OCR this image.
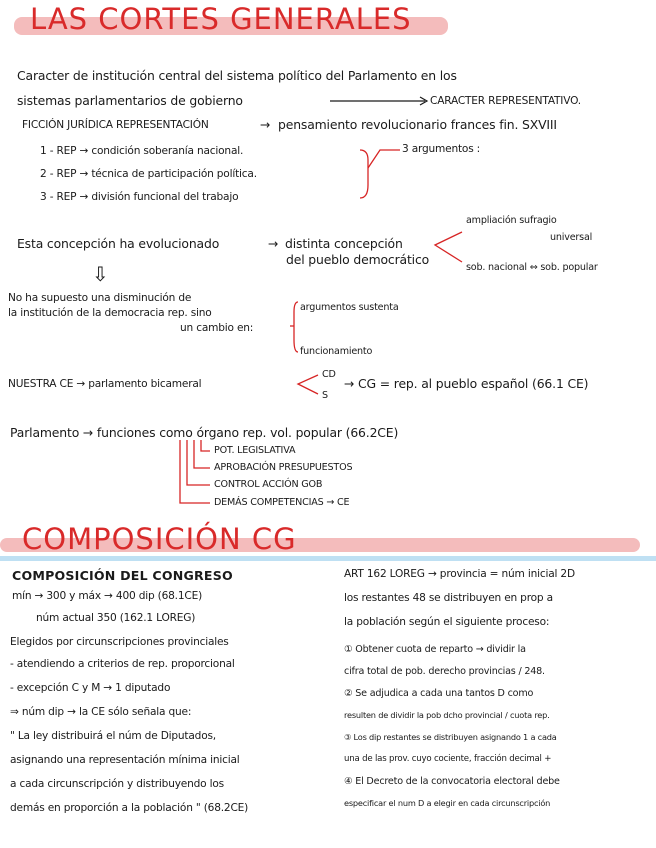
LAS CORTES GENERALES
Caracter de institución central del sistema político del Parlamento en los
sistemas parlamentarios de gobierno	CARACTER REPRESENTATIVO.
FICCIÓN JURÍDICA REPRESENTACIÓN	→ pensamiento revolucionario frances fin. SXVIII
1 - REP → condición soberanía nacional.
2 - REP → técnica de participación política.
3 - REP → división funcional del trabajo
3 argumentos :
Esta concepción ha evolucionado	→ distinta concepción
del pueblo democrático
ampliación sufragio
universal
sob. nacional ⇔ sob. popular
⇩
No ha supuesto una disminución de
la institución de la democracia rep. sino
un cambio en:
argumentos sustenta
funcionamiento
NUESTRA CE → parlamento bicameral
CD
S
→ CG = rep. al pueblo español (66.1 CE)
Parlamento → funciones como órgano rep. vol. popular (66.2CE)
POT. LEGISLATIVA
APROBACIÓN PRESUPUESTOS
CONTROL ACCIÓN GOB
DEMÁS COMPETENCIAS → CE
COMPOSICIÓN CG
COMPOSICIÓN DEL CONGRESO
mín → 300 y máx → 400 dip (68.1CE)
núm actual 350 (162.1 LOREG)
Elegidos por circunscripciones provinciales
- atendiendo a criterios de rep. proporcional
- excepción C y M → 1 diputado
⇒ núm dip → la CE sólo señala que:
" La ley distribuirá el núm de Diputados,
asignando una representación mínima inicial
a cada circunscripción y distribuyendo los
demás en proporción a la población " (68.2CE)
ART 162 LOREG → provincia = núm inicial 2D
los restantes 48 se distribuyen en prop a
la población según el siguiente proceso:
① Obtener cuota de reparto → dividir la
cifra total de pob. derecho provincias / 248.
② Se adjudica a cada una tantos D como
resulten de dividir la pob dcho provincial / cuota rep.
③ Los dip restantes se distribuyen asignando 1 a cada
una de las prov. cuyo cociente, fracción decimal +
④ El Decreto de la convocatoria electoral debe
especificar el num D a elegir en cada circunscripción
